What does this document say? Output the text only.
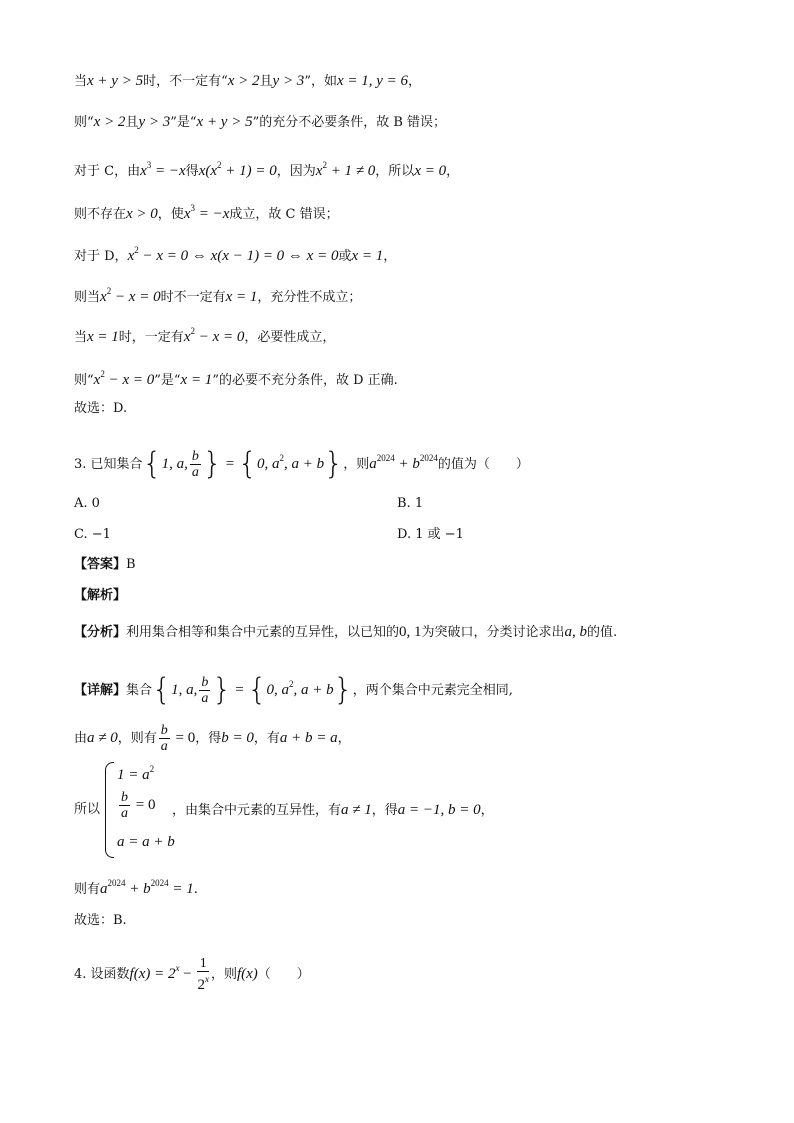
当x + y > 5时，不一定有“x > 2且y > 3”，如x = 1, y = 6，
则“x > 2且y > 3”是“x + y > 5”的充分不必要条件，故 B 错误；
对于 C，由$x^3 = -x$得$x(x^2 + 1) = 0$，因为$x^2 + 1 \ne 0$，所以x = 0，
则不存在x > 0，使$x^3 = -x$成立，故 C 错误；
对于 D，$x^2 - x = 0$ ⇔ x(x − 1) = 0 ⇔ x = 0或x = 1，
则当$x^2 - x = 0$时不一定有x = 1，充分性不成立；
当x = 1时，一定有$x^2 - x = 0$，必要性成立，
则“$x^2 - x = 0$”是“x = 1”的必要不充分条件，故 D 正确.
故选：D.
3. 已知集合{1, a, $\frac{b}{a}$ } = {0, $a^2$, a + b}，则$a^{2024} + b^{2024}$的值为（　　）
A. 0	B. 1
C. −1	D. 1 或 −1
【答案】B
【解析】
【分析】利用集合相等和集合中元素的互异性，以已知的0, 1为突破口，分类讨论求出a, b的值.
【详解】集合{1, a, $\frac{b}{a}$ } = {0, $a^2$, a + b}，两个集合中元素完全相同,
由a ≠ 0，则有 $\frac{b}{a} = 0$，得b = 0，有a + b = a，
所以
$1 = a^2$
$\frac{b}{a} = 0$
a = a + b
，由集合中元素的互异性，有a ≠ 1，得a = −1, b = 0，
则有$a^{2024} + b^{2024} = 1$.
故选：B.
4. 设函数$f(x) = 2^x - \frac{1}{2^x}$ ，则f(x)（　　）
